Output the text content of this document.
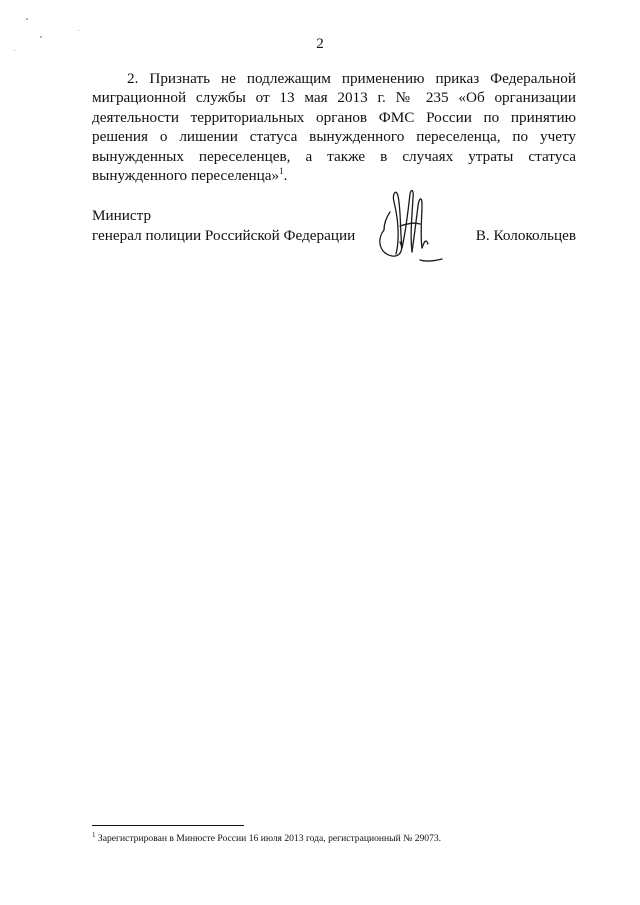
2

2. Признать не подлежащим применению приказ Федеральной миграционной службы от 13 мая 2013 г. № 235 «Об организации деятельности территориальных органов ФМС России по принятию решения о лишении статуса вынужденного переселенца, по учету вынужденных переселенцев, а также в случаях утраты статуса вынужденного переселенца»$^1$.

Министр
генерал полиции Российской Федерации	В. Колокольцев
$^1$ Зарегистрирован в Минюсте России 16 июля 2013 года, регистрационный № 29073.
